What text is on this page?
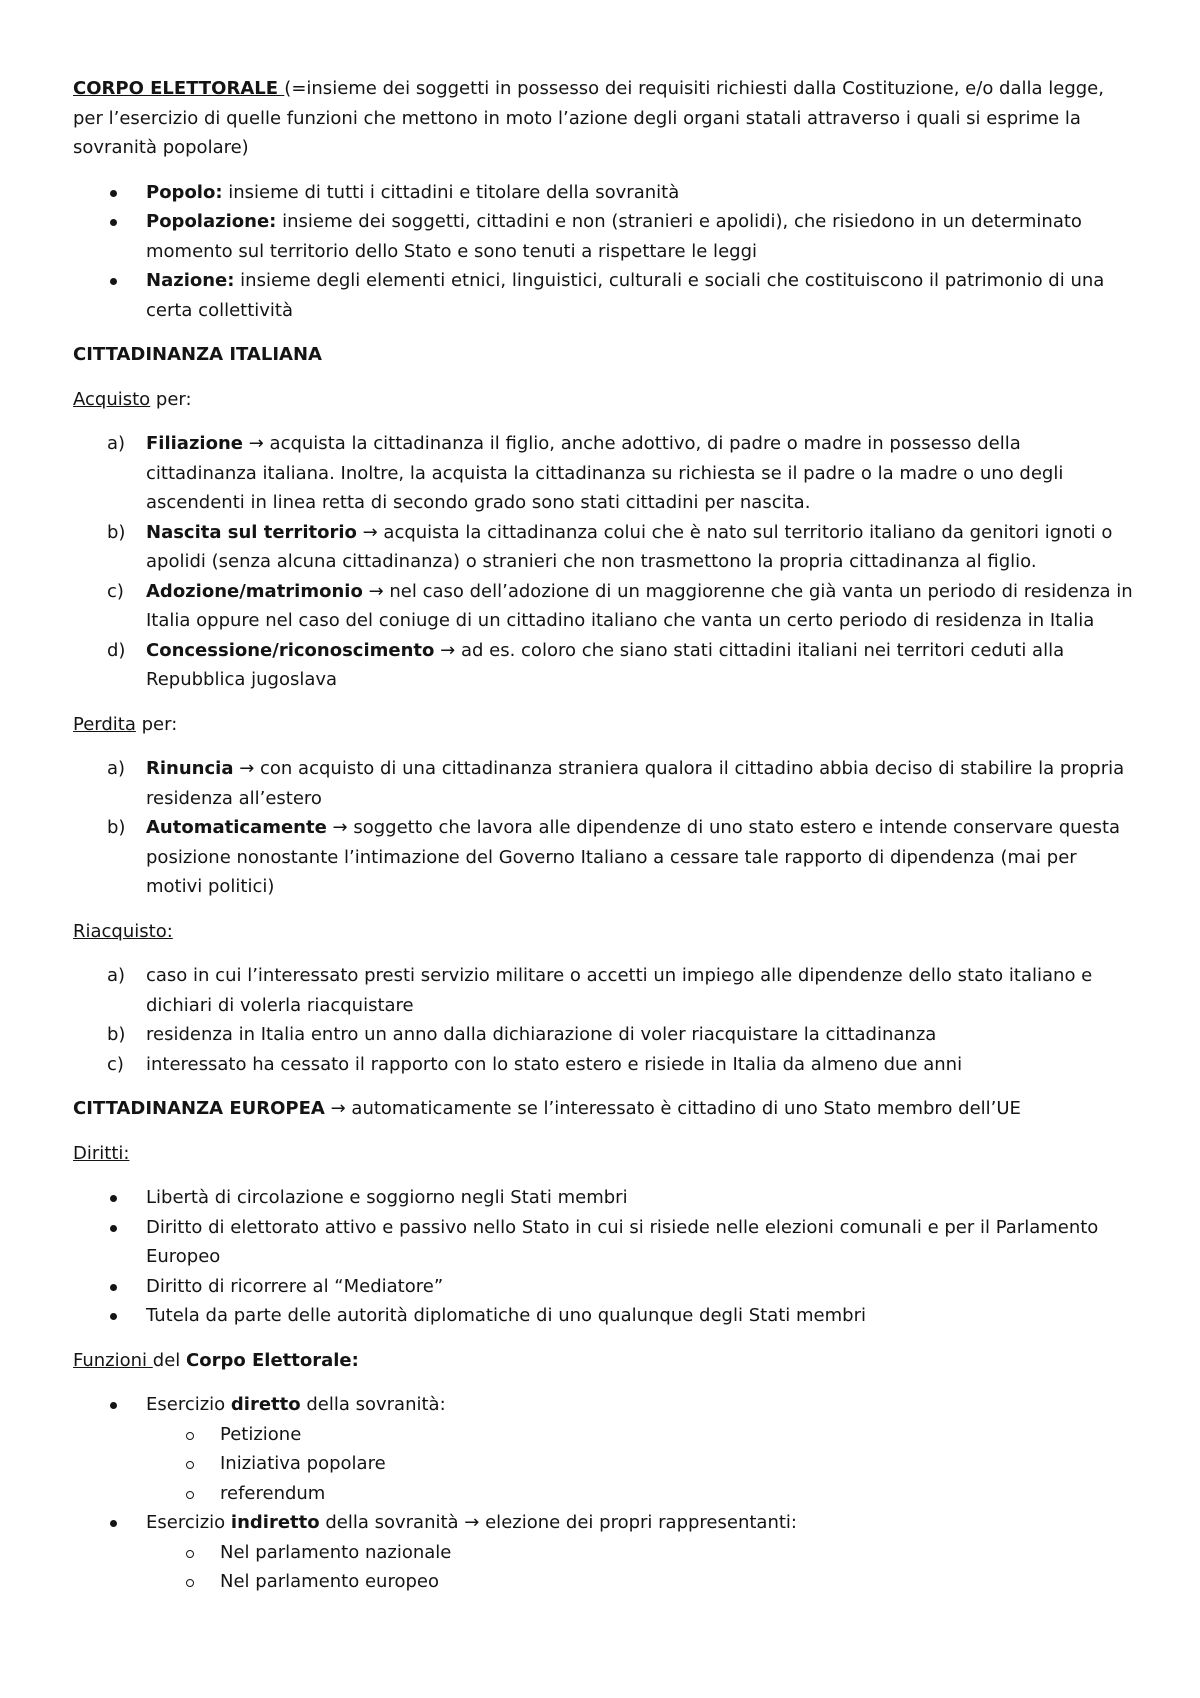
CORPO ELETTORALE (=insieme dei soggetti in possesso dei requisiti richiesti dalla Costituzione, e/o dalla legge, per l’esercizio di quelle funzioni che mettono in moto l’azione degli organi statali attraverso i quali si esprime la sovranità popolare)

Popolo: insieme di tutti i cittadini e titolare della sovranità
Popolazione: insieme dei soggetti, cittadini e non (stranieri e apolidi), che risiedono in un determinato momento sul territorio dello Stato e sono tenuti a rispettare le leggi
Nazione: insieme degli elementi etnici, linguistici, culturali e sociali che costituiscono il patrimonio di una certa collettività

CITTADINANZA ITALIANA

Acquisto per:

a) Filiazione → acquista la cittadinanza il figlio, anche adottivo, di padre o madre in possesso della cittadinanza italiana. Inoltre, la acquista la cittadinanza su richiesta se il padre o la madre o uno degli ascendenti in linea retta di secondo grado sono stati cittadini per nascita.
b) Nascita sul territorio → acquista la cittadinanza colui che è nato sul territorio italiano da genitori ignoti o apolidi (senza alcuna cittadinanza) o stranieri che non trasmettono la propria cittadinanza al figlio.
c) Adozione/matrimonio → nel caso dell’adozione di un maggiorenne che già vanta un periodo di residenza in Italia oppure nel caso del coniuge di un cittadino italiano che vanta un certo periodo di residenza in Italia
d) Concessione/riconoscimento → ad es. coloro che siano stati cittadini italiani nei territori ceduti alla Repubblica jugoslava

Perdita per:

a) Rinuncia → con acquisto di una cittadinanza straniera qualora il cittadino abbia deciso di stabilire la propria residenza all’estero
b) Automaticamente → soggetto che lavora alle dipendenze di uno stato estero e intende conservare questa posizione nonostante l’intimazione del Governo Italiano a cessare tale rapporto di dipendenza (mai per motivi politici)

Riacquisto:

a) caso in cui l’interessato presti servizio militare o accetti un impiego alle dipendenze dello stato italiano e dichiari di volerla riacquistare
b) residenza in Italia entro un anno dalla dichiarazione di voler riacquistare la cittadinanza
c) interessato ha cessato il rapporto con lo stato estero e risiede in Italia da almeno due anni

CITTADINANZA EUROPEA → automaticamente se l’interessato è cittadino di uno Stato membro dell’UE

Diritti:

Libertà di circolazione e soggiorno negli Stati membri
Diritto di elettorato attivo e passivo nello Stato in cui si risiede nelle elezioni comunali e per il Parlamento Europeo
Diritto di ricorrere al “Mediatore”
Tutela da parte delle autorità diplomatiche di uno qualunque degli Stati membri

Funzioni del Corpo Elettorale:

Esercizio diretto della sovranità:
Petizione
Iniziativa popolare
referendum
Esercizio indiretto della sovranità → elezione dei propri rappresentanti:
Nel parlamento nazionale
Nel parlamento europeo
